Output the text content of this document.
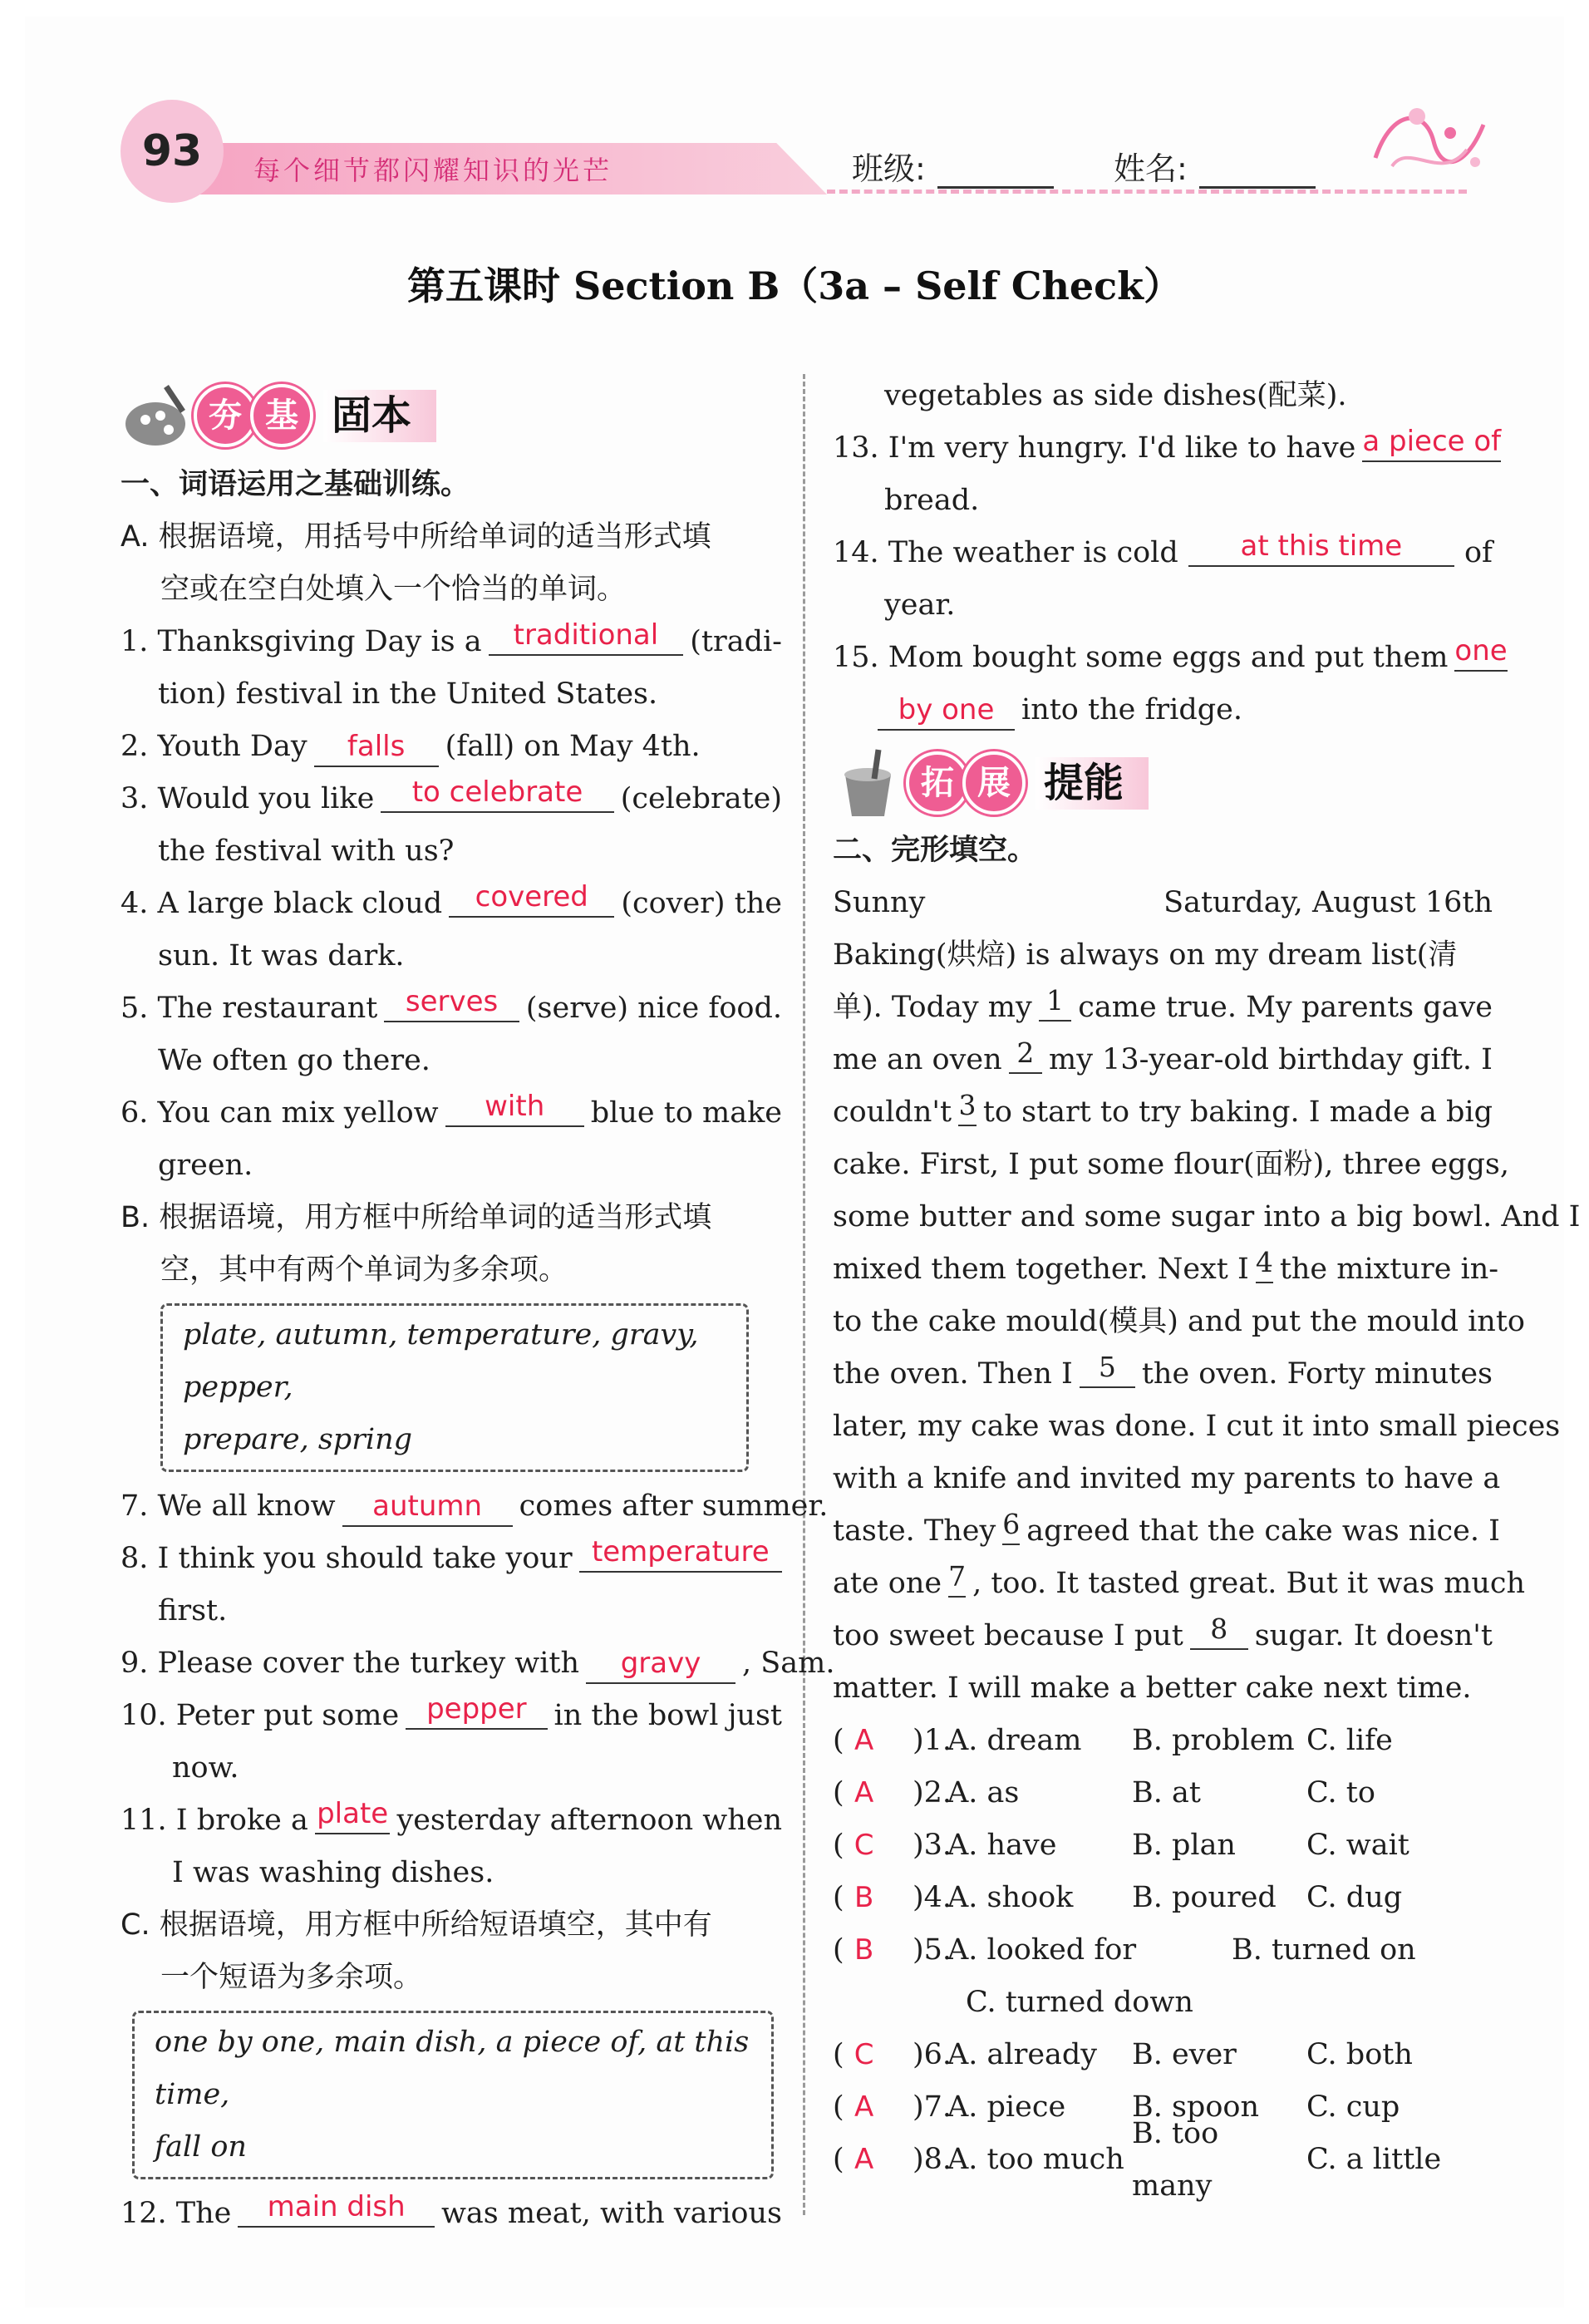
93	每个细节都闪耀知识的光芒	班级:	姓名:
第五课时 Section B（3a – Self Check）
夯 基 固本
一、词语运用之基础训练。
A. 根据语境，用括号中所给单词的适当形式填
空或在空白处填入一个恰当的单词。
1. Thanksgiving Day is a	traditional	(tradi-
tion) festival in the United States.
2. Youth Day falls (fall) on May 4th.
3. Would you like	to celebrate	(celebrate)
the festival with us?
4. A large black cloud	covered	(cover) the
sun. It was dark.
5. The restaurant serves (serve) nice food.
We often go there.
6. You can mix yellow	with	blue to make
green.
B. 根据语境，用方框中所给单词的适当形式填
空，其中有两个单词为多余项。
plate, autumn, temperature, gravy, pepper,
prepare, spring
7. We all know autumn comes after summer.
8. I think you should take your temperature
first.
9. Please cover the turkey with gravy , Sam.
10. Peter put some pepper in the bowl just
now.
11. I broke a plate yesterday afternoon when
I was washing dishes.
C. 根据语境，用方框中所给短语填空，其中有
一个短语为多余项。
one by one, main dish, a piece of, at this time,
fall on
12. The	main dish	was meat, with various
vegetables as side dishes(配菜).
13. I'm very hungry. I'd like to have a piece of
bread.
14. The weather is cold	at this time	of
year.
15. Mom bought some eggs and put them one
by one into the fridge.
拓 展 提能
二、完形填空。
Sunny	Saturday, August 16th
Baking(烘焙) is always on my dream list(清
单). Today my 1 came true. My parents gave
me an oven 2 my 13-year-old birthday gift. I
couldn't 3 to start to try baking. I made a big
cake. First, I put some flour(面粉), three eggs,
some butter and some sugar into a big bowl. And I
mixed them together. Next I 4 the mixture in-
to the cake mould(模具) and put the mould into
the oven. Then I 5 the oven. Forty minutes
later, my cake was done. I cut it into small pieces
with a knife and invited my parents to have a
taste. They 6 agreed that the cake was nice. I
ate one 7 , too. It tasted great. But it was much
too sweet because I put 8 sugar. It doesn't
matter. I will make a better cake next time.
( A	)1.
A. dream	B. problem C. life
( A	)2.
A. as	B. at	C. to
( C	)3.
A. have	B. plan	C. wait
( B	)4.
A. shook	B. poured	C. dug
( B	)5.
A. looked for	B. turned on
C. turned down
( C	)6.
A. already	B. ever	C. both
( A	)7.
A. piece	B. spoon	C. cup
( A	)8.
A. too much
B. too many
C. a little
